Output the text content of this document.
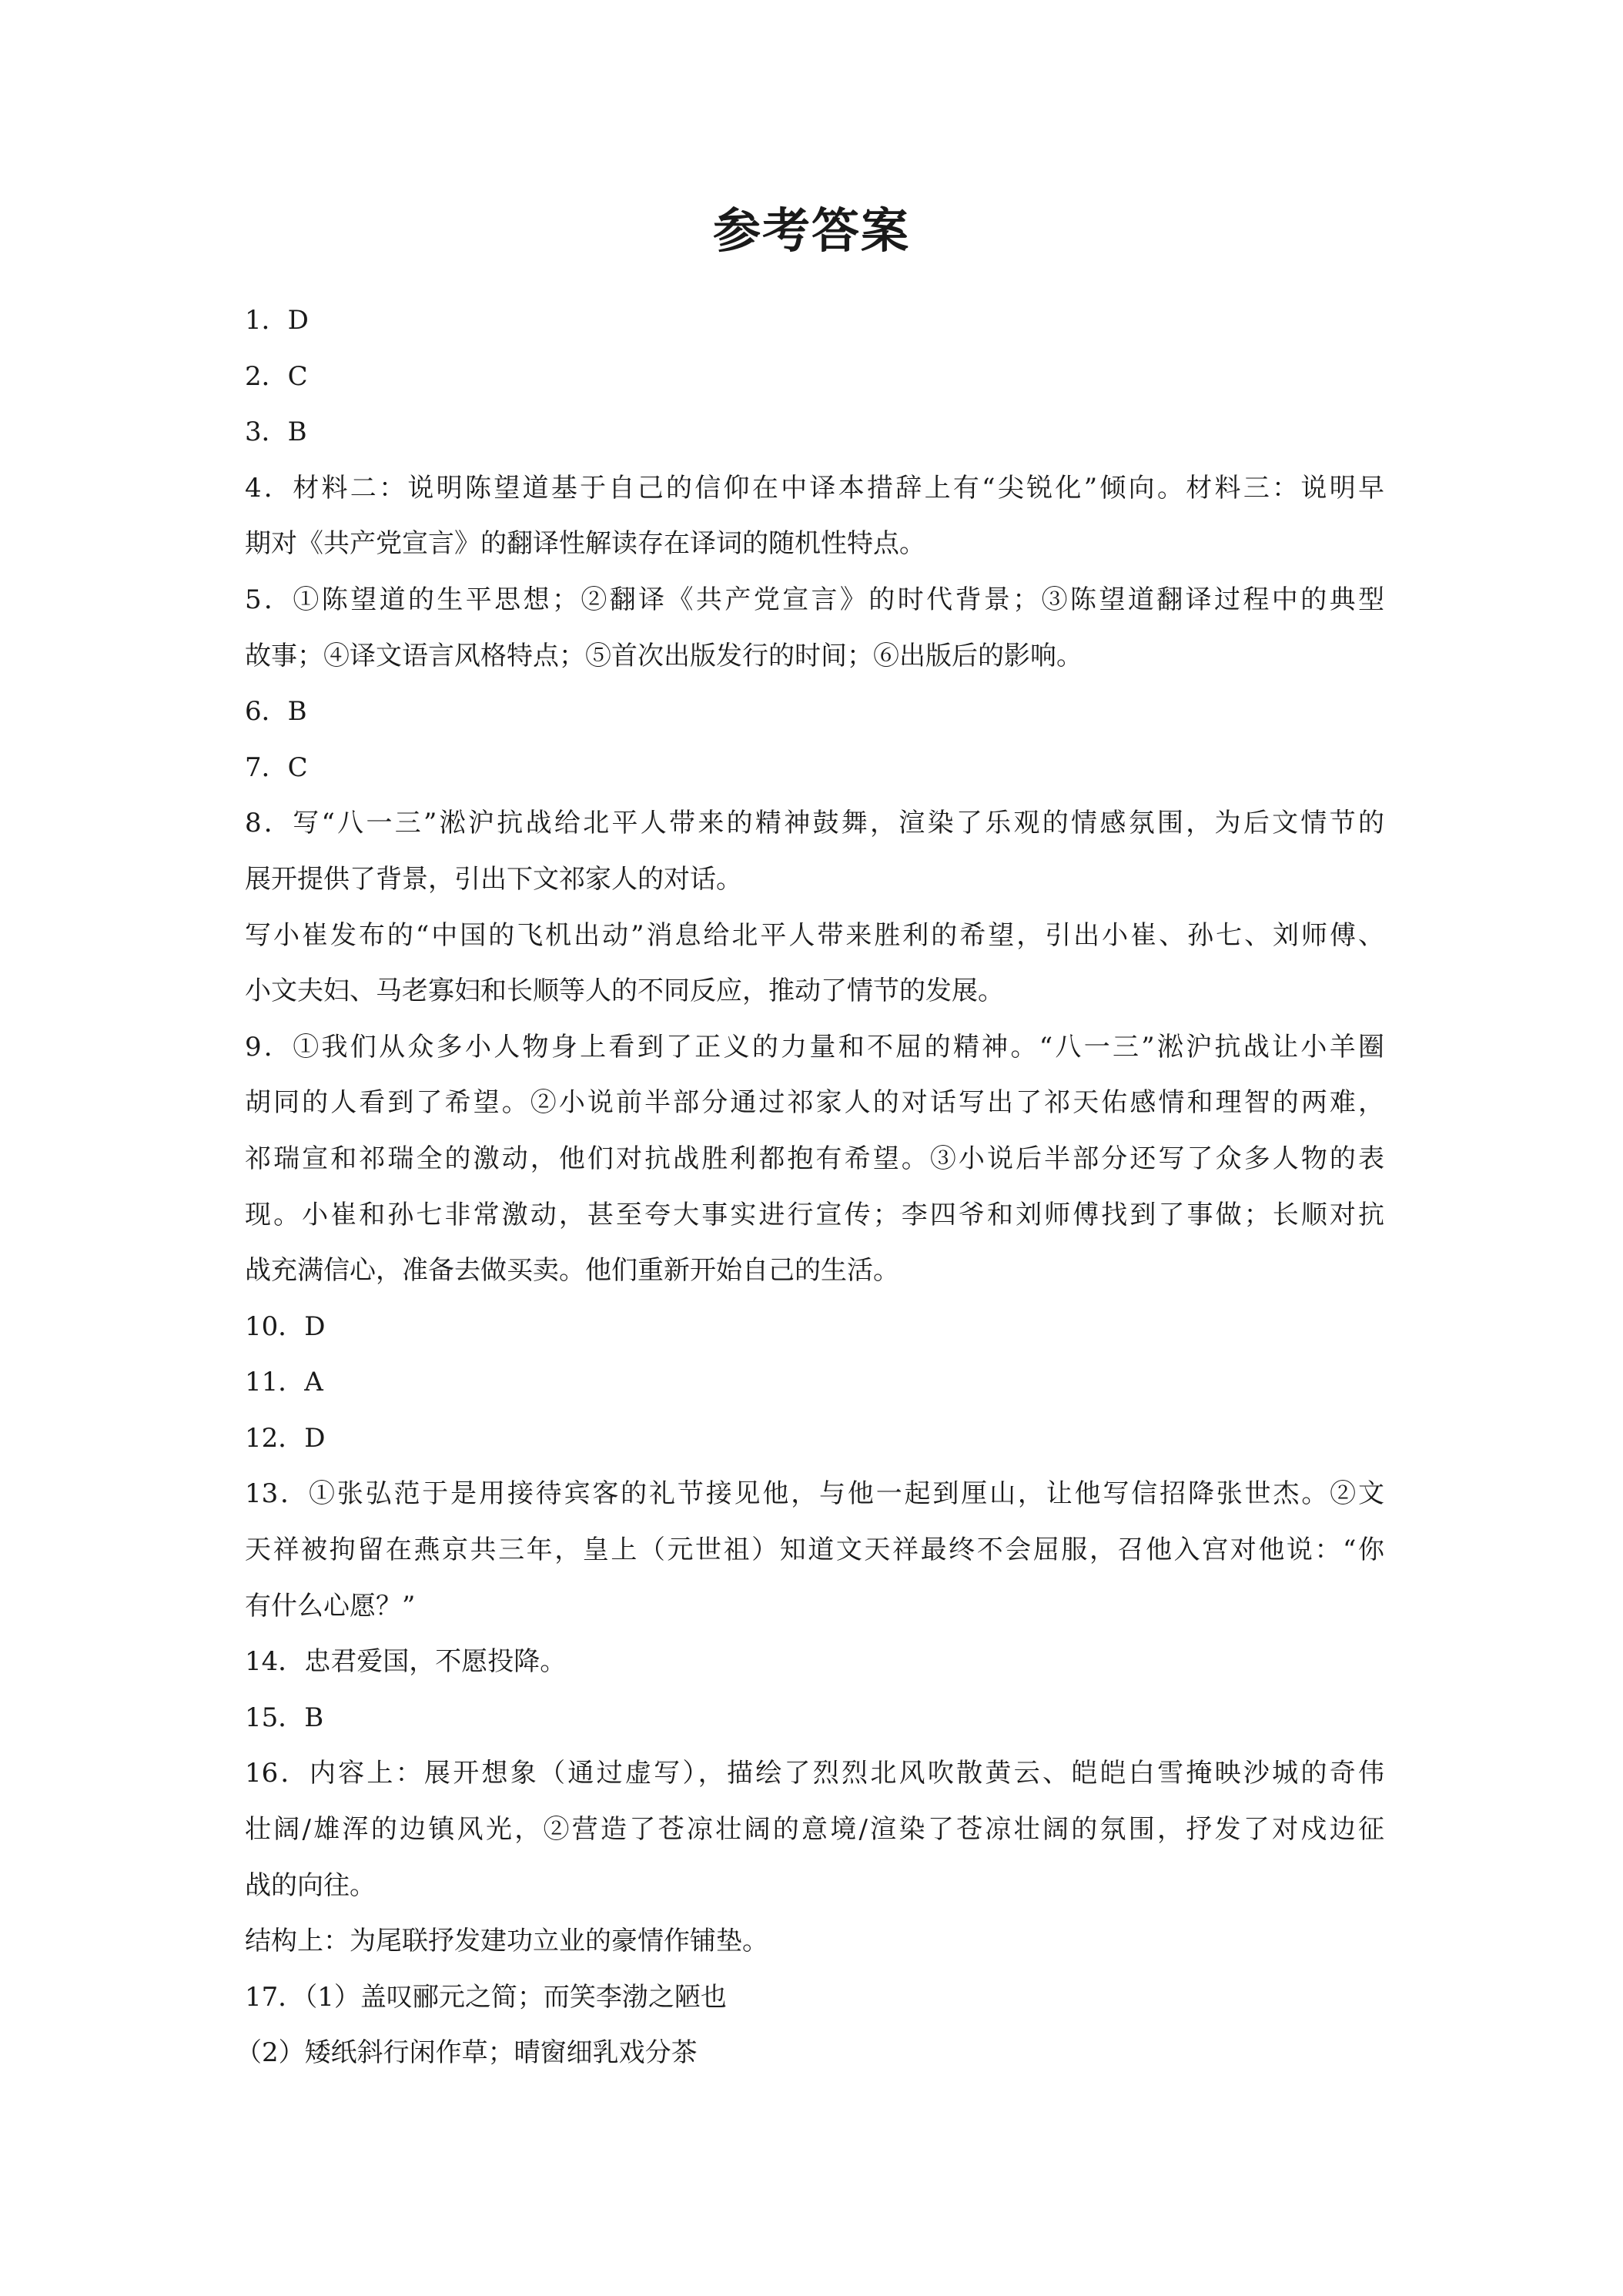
参考答案
1．D
2．C
3．B
4．材料二：说明陈望道基于自己的信仰在中译本措辞上有“尖锐化”倾向。材料三：说明早
期对《共产党宣言》的翻译性解读存在译词的随机性特点。
5．①陈望道的生平思想；②翻译《共产党宣言》的时代背景；③陈望道翻译过程中的典型
故事；④译文语言风格特点；⑤首次出版发行的时间；⑥出版后的影响。
6．B
7．C
8．写“八一三”淞沪抗战给北平人带来的精神鼓舞，渲染了乐观的情感氛围，为后文情节的
展开提供了背景，引出下文祁家人的对话。
写小崔发布的“中国的飞机出动”消息给北平人带来胜利的希望，引出小崔、孙七、刘师傅、
小文夫妇、马老寡妇和长顺等人的不同反应，推动了情节的发展。
9．①我们从众多小人物身上看到了正义的力量和不屈的精神。“八一三”淞沪抗战让小羊圈
胡同的人看到了希望。②小说前半部分通过祁家人的对话写出了祁天佑感情和理智的两难，
祁瑞宣和祁瑞全的激动，他们对抗战胜利都抱有希望。③小说后半部分还写了众多人物的表
现。小崔和孙七非常激动，甚至夸大事实进行宣传；李四爷和刘师傅找到了事做；长顺对抗
战充满信心，准备去做买卖。他们重新开始自己的生活。
10．D
11．A
12．D
13．①张弘范于是用接待宾客的礼节接见他，与他一起到厘山，让他写信招降张世杰。②文
天祥被拘留在燕京共三年，皇上（元世祖）知道文天祥最终不会屈服，召他入宫对他说：“你
有什么心愿？”
14．忠君爱国，不愿投降。
15．B
16．内容上：展开想象（通过虚写），描绘了烈烈北风吹散黄云、皑皑白雪掩映沙城的奇伟
壮阔/雄浑的边镇风光，②营造了苍凉壮阔的意境/渲染了苍凉壮阔的氛围，抒发了对戍边征
战的向往。
结构上：为尾联抒发建功立业的豪情作铺垫。
17．（1）盖叹郦元之简；而笑李渤之陋也
（2）矮纸斜行闲作草；晴窗细乳戏分茶
